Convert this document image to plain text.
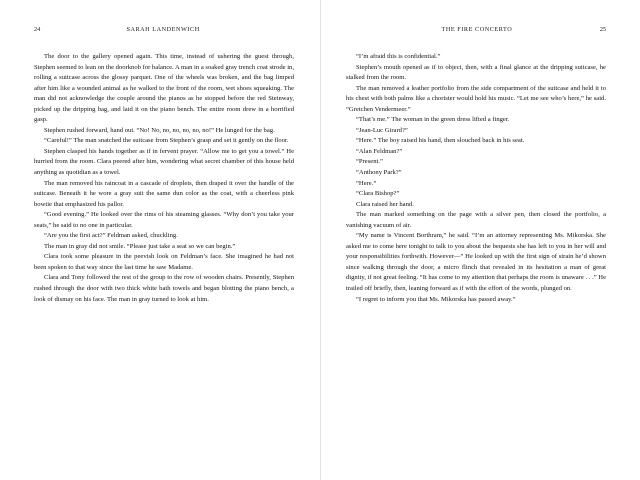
24	SARAH LANDENWICH

The door to the gallery opened again. This time, instead of ushering the guest through, Stephen seemed to lean on the doorknob for balance. A man in a soaked gray trench coat strode in, rolling a suitcase across the glossy parquet. One of the wheels was broken, and the bag limped after him like a wounded animal as he walked to the front of the room, wet shoes squeaking. The man did not acknowledge the couple around the pianos as he stopped before the red Steinway, picked up the dripping bag, and laid it on the piano bench. The entire room drew in a horrified gasp.

Stephen rushed forward, hand out. “No! No, no, no, no, no, no!” He lunged for the bag.

“Careful!” The man snatched the suitcase from Stephen’s grasp and set it gently on the floor.

Stephen clasped his hands together as if in fervent prayer. “Allow me to get you a towel.” He hurried from the room. Clara peered after him, wondering what secret chamber of this house held anything as quotidian as a towel.

The man removed his raincoat in a cascade of droplets, then draped it over the handle of the suitcase. Beneath it he wore a gray suit the same dun color as the coat, with a cheerless pink bowtie that emphasized his pallor.

“Good evening.” He looked over the rims of his steaming glasses. “Why don’t you take your seats,” he said to no one in particular.

“Are you the first act?” Feldman asked, chuckling.

The man in gray did not smile. “Please just take a seat so we can begin.”

Clara took some pleasure in the peevish look on Feldman’s face. She imagined he had not been spoken to that way since the last time he saw Madame.

Clara and Tony followed the rest of the group to the row of wooden chairs. Presently, Stephen rushed through the door with two thick white bath towels and began blotting the piano bench, a look of dismay on his face. The man in gray turned to look at him.

THE FIRE CONCERTO	25

“I’m afraid this is confidential.”

Stephen’s mouth opened as if to object, then, with a final glance at the dripping suitcase, he stalked from the room.

The man removed a leather portfolio from the side compartment of the suitcase and held it to his chest with both palms like a chorister would hold his music. “Let me see who’s here,” he said. “Gretchen Vendermeer.”

“That’s me.” The woman in the green dress lifted a finger.

“Jean-Luc Girard?”

“Here.” The boy raised his hand, then slouched back in his seat.

“Alan Feldman?”

“Present.”

“Anthony Park?”

“Here.”

“Clara Bishop?”

Clara raised her hand.

The man marked something on the page with a silver pen, then closed the portfolio, a vanishing vacuum of air.

“My name is Vincent Borthram,” he said. “I’m an attorney representing Ms. Mikorska. She asked me to come here tonight to talk to you about the bequests she has left to you in her will and your responsibilities forthwith. However—” He looked up with the first sign of strain he’d shown since walking through the door, a micro flinch that revealed in its hesitation a man of great dignity, if not great feeling. “It has come to my attention that perhaps the room is unaware . . .” He trailed off briefly, then, leaning forward as if with the effort of the words, plunged on.

“I regret to inform you that Ms. Mikorska has passed away.”
